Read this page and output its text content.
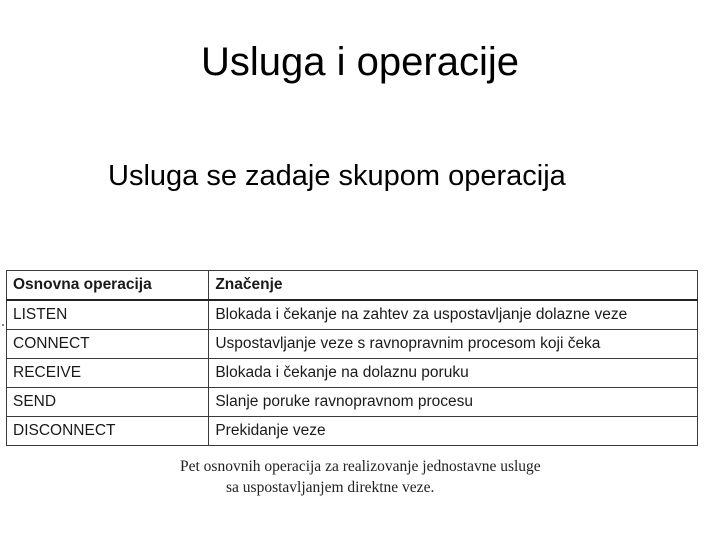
Usluga i operacije
Usluga se zadaje skupom operacija
Osnovna operacija	Značenje
LISTEN	Blokada i čekanje na zahtev za uspostavljanje dolazne veze
CONNECT	Uspostavljanje veze s ravnopravnim procesom koji čeka
RECEIVE	Blokada i čekanje na dolaznu poruku
SEND	Slanje poruke ravnopravnom procesu
DISCONNECT	Prekidanje veze
Pet osnovnih operacija za realizovanje jednostavne usluge
sa uspostavljanjem direktne veze.
